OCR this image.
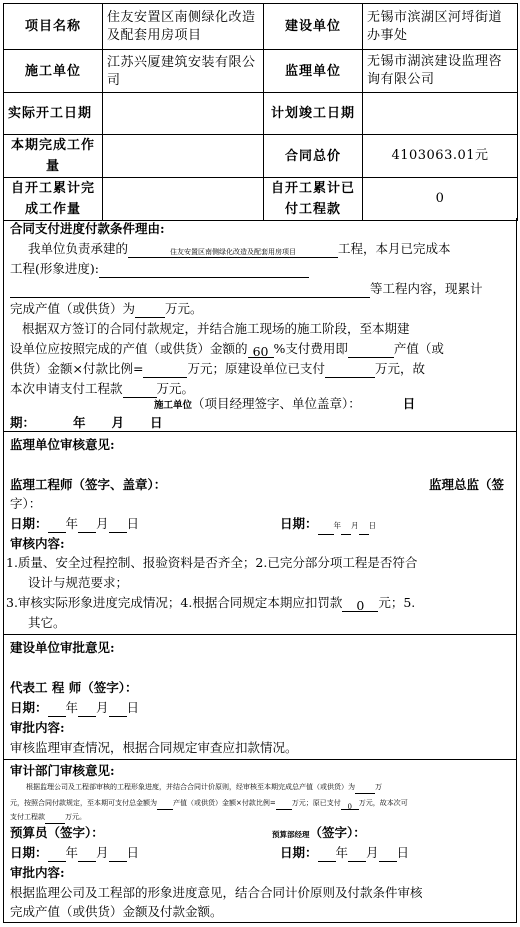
项目名称	住友安置区南侧绿化改造及配套用房项目	建设单位	无锡市滨湖区河埒街道办事处
施工单位	江苏兴厦建筑安装有限公司	监理单位	无锡市湖滨建设监理咨询有限公司
实际开工日期		计划竣工日期	
本期完成工作量		合同总价	4103063.01元
自开工累计完成工作量		自开工累计已付工程款	0
合同支付进度付款条件理由:
我单位负责承建的	住友安置区南侧绿化改造及配套用房项目	工程，本月已完成本
工程(形象进度):
等工程内容，现累计
完成产值（或供货）为 万元。
根据双方签订的合同付款规定，并结合施工现场的施工阶段，至本期建
设单位应按照完成的产值（或供货）金额的 60 %支付费用即	产值（或
供货）金额×付款比例=	万元；原建设单位已支付	万元，故
本次申请支付工程款	万元。
施工单位（项目经理签字、单位盖章）：	日
期：	年 月 日
监理单位审核意见:
监理工程师（签字、盖章）：	监理总监（签
字）：
日期： 年 月 日	日期： 年 月 日
审核内容:
1.质量、安全过程控制、报验资料是否齐全；2.已完分部分项工程是否符合
设计与规范要求；
3.审核实际形象进度完成情况；4.根据合同规定本期应扣罚款 0 元；5.
其它。
建设单位审批意见:
代表工 程 师（签字）：
日期： 年 月 日
审批内容:
审核监理审查情况，根据合同规定审查应扣款情况。
审计部门审核意见:
根据监理公司及工程部审核的工程形象进度，并结合合同计价原则，经审核至本期完成总产值（或供货）为	万
元，按照合同付款规定，至本期可支付总金额为 产值（或供货）金额×付款比例= 万元；原已支付 0 万元，故本次可
支付工程款	万元。
预算员（签字）：	预算部经理（签字）：
日期： 年 月 日	日期： 年 月 日
审批内容:
根据监理公司及工程部的形象进度意见，结合合同计价原则及付款条件审核
完成产值（或供货）金额及付款金额。
